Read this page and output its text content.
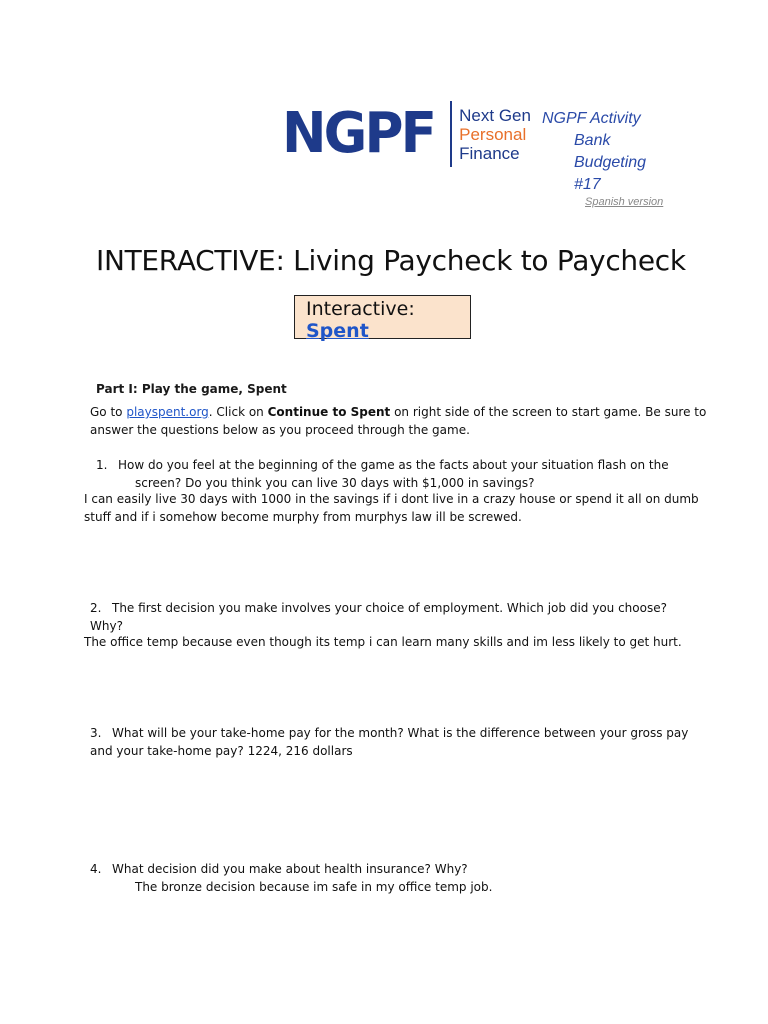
NGPF Next Gen
Personal
Finance
NGPF Activity
Bank
Budgeting
#17
Spanish version
INTERACTIVE: Living Paycheck to Paycheck
Interactive: Spent
Part I: Play the game, Spent
Go to playspent.org. Click on Continue to Spent on right side of the screen to start game. Be sure to answer the questions below as you proceed through the game.
1. How do you feel at the beginning of the game as the facts about your situation flash on the
screen? Do you think you can live 30 days with $1,000 in savings?
I can easily live 30 days with 1000 in the savings if i dont live in a crazy house or spend it all on dumb stuff and if i somehow become murphy from murphys law ill be screwed.
2. The first decision you make involves your choice of employment. Which job did you choose? Why?
The office temp because even though its temp i can learn many skills and im less likely to get hurt.
3. What will be your take-home pay for the month? What is the difference between your gross pay and your take-home pay? 1224, 216 dollars
4. What decision did you make about health insurance? Why?
The bronze decision because im safe in my office temp job.
